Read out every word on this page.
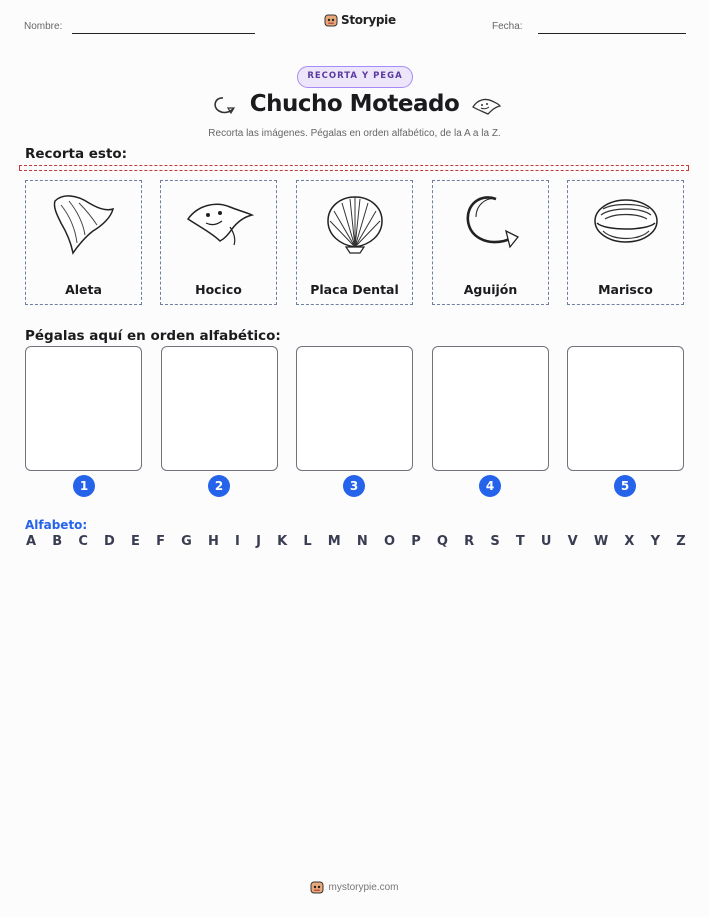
Nombre:	Storypie	Fecha:
RECORTA Y PEGA
Chucho Moteado
Recorta las imágenes. Pégalas en orden alfabético, de la A a la Z.
Recorta esto:
Aleta	Hocico	Placa Dental	Aguijón	Marisco
Pégalas aquí en orden alfabético:
1	2	3	4	5
Alfabeto:
A B C D E F G H I J K L M N O P Q R S T U V W X Y Z
mystorypie.com
